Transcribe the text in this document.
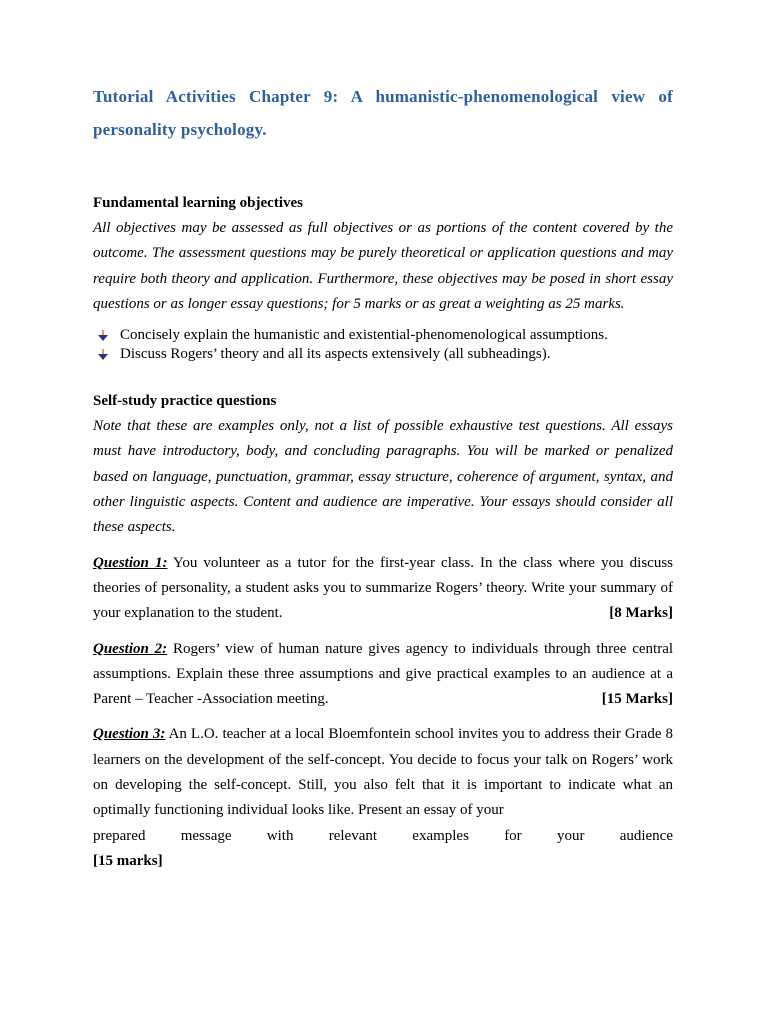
Tutorial Activities Chapter 9: A humanistic-phenomenological view of personality psychology.

Fundamental learning objectives

All objectives may be assessed as full objectives or as portions of the content covered by the outcome. The assessment questions may be purely theoretical or application questions and may require both theory and application. Furthermore, these objectives may be posed in short essay questions or as longer essay questions; for 5 marks or as great a weighting as 25 marks.

Concisely explain the humanistic and existential-phenomenological assumptions.
Discuss Rogers’ theory and all its aspects extensively (all subheadings).

Self-study practice questions

Note that these are examples only, not a list of possible exhaustive test questions. All essays must have introductory, body, and concluding paragraphs. You will be marked or penalized based on language, punctuation, grammar, essay structure, coherence of argument, syntax, and other linguistic aspects. Content and audience are imperative. Your essays should consider all these aspects.

Question 1: You volunteer as a tutor for the first-year class. In the class where you discuss theories of personality, a student asks you to summarize Rogers’ theory. Write your summary of your explanation to the student.	[8 Marks]

Question 2: Rogers’ view of human nature gives agency to individuals through three central assumptions. Explain these three assumptions and give practical examples to an audience at a Parent – Teacher -Association meeting.	[15 Marks]

Question 3: An L.O. teacher at a local Bloemfontein school invites you to address their Grade 8 learners on the development of the self-concept. You decide to focus your talk on Rogers’ work on developing the self-concept. Still, you also felt that it is important to indicate what an optimally functioning individual looks like. Present an essay of your

prepared message with relevant examples for your audience
[15 marks]
